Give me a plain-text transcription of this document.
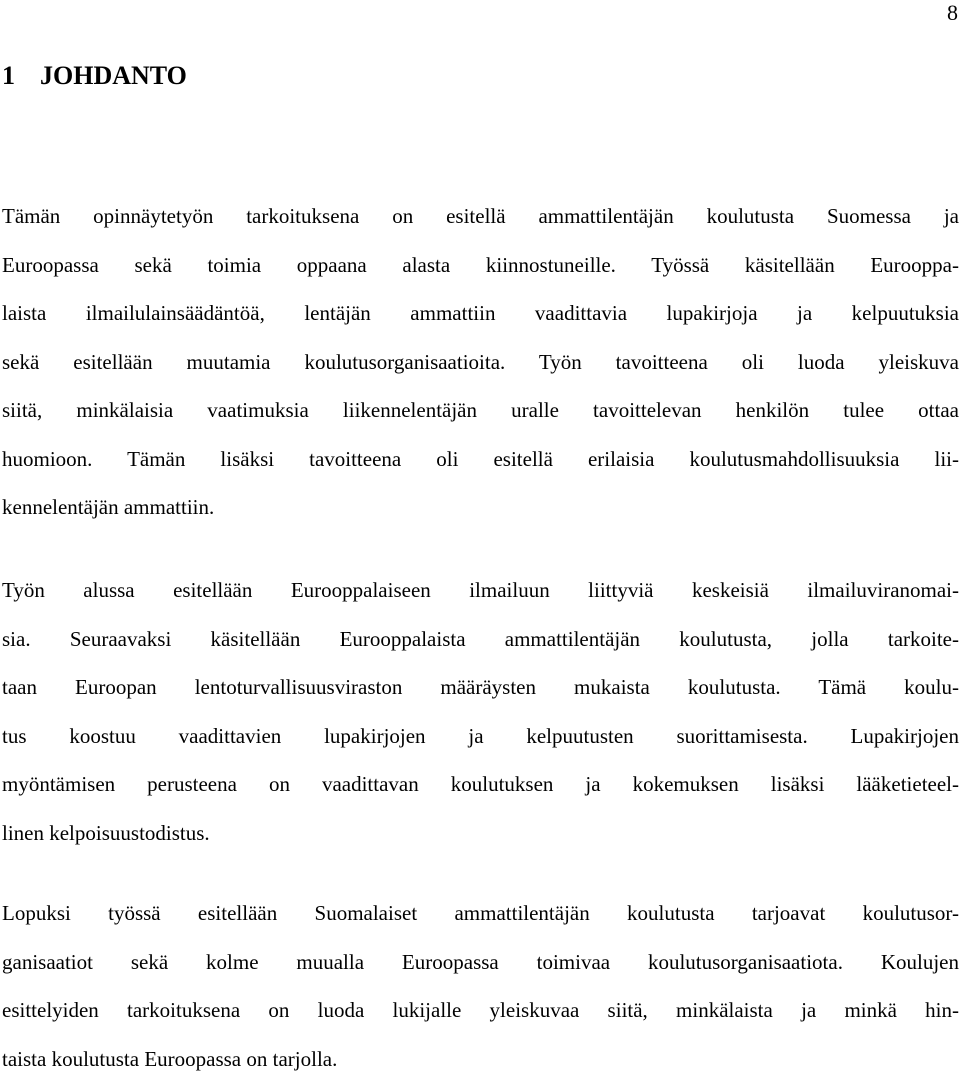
8
1 JOHDANTO
Tämän opinnäytetyön tarkoituksena on esitellä ammattilentäjän koulutusta Suomessa ja
Euroopassa sekä toimia oppaana alasta kiinnostuneille. Työssä käsitellään Eurooppa-
laista ilmailulainsäädäntöä, lentäjän ammattiin vaadittavia lupakirjoja ja kelpuutuksia
sekä esitellään muutamia koulutusorganisaatioita. Työn tavoitteena oli luoda yleiskuva
siitä, minkälaisia vaatimuksia liikennelentäjän uralle tavoittelevan henkilön tulee ottaa
huomioon. Tämän lisäksi tavoitteena oli esitellä erilaisia koulutusmahdollisuuksia lii-
kennelentäjän ammattiin.
Työn alussa esitellään Eurooppalaiseen ilmailuun liittyviä keskeisiä ilmailuviranomai-
sia. Seuraavaksi käsitellään Eurooppalaista ammattilentäjän koulutusta, jolla tarkoite-
taan Euroopan lentoturvallisuusviraston määräysten mukaista koulutusta. Tämä koulu-
tus koostuu vaadittavien lupakirjojen ja kelpuutusten suorittamisesta. Lupakirjojen
myöntämisen perusteena on vaadittavan koulutuksen ja kokemuksen lisäksi lääketieteel-
linen kelpoisuustodistus.
Lopuksi työssä esitellään Suomalaiset ammattilentäjän koulutusta tarjoavat koulutusor-
ganisaatiot sekä kolme muualla Euroopassa toimivaa koulutusorganisaatiota. Koulujen
esittelyiden tarkoituksena on luoda lukijalle yleiskuvaa siitä, minkälaista ja minkä hin-
taista koulutusta Euroopassa on tarjolla.
